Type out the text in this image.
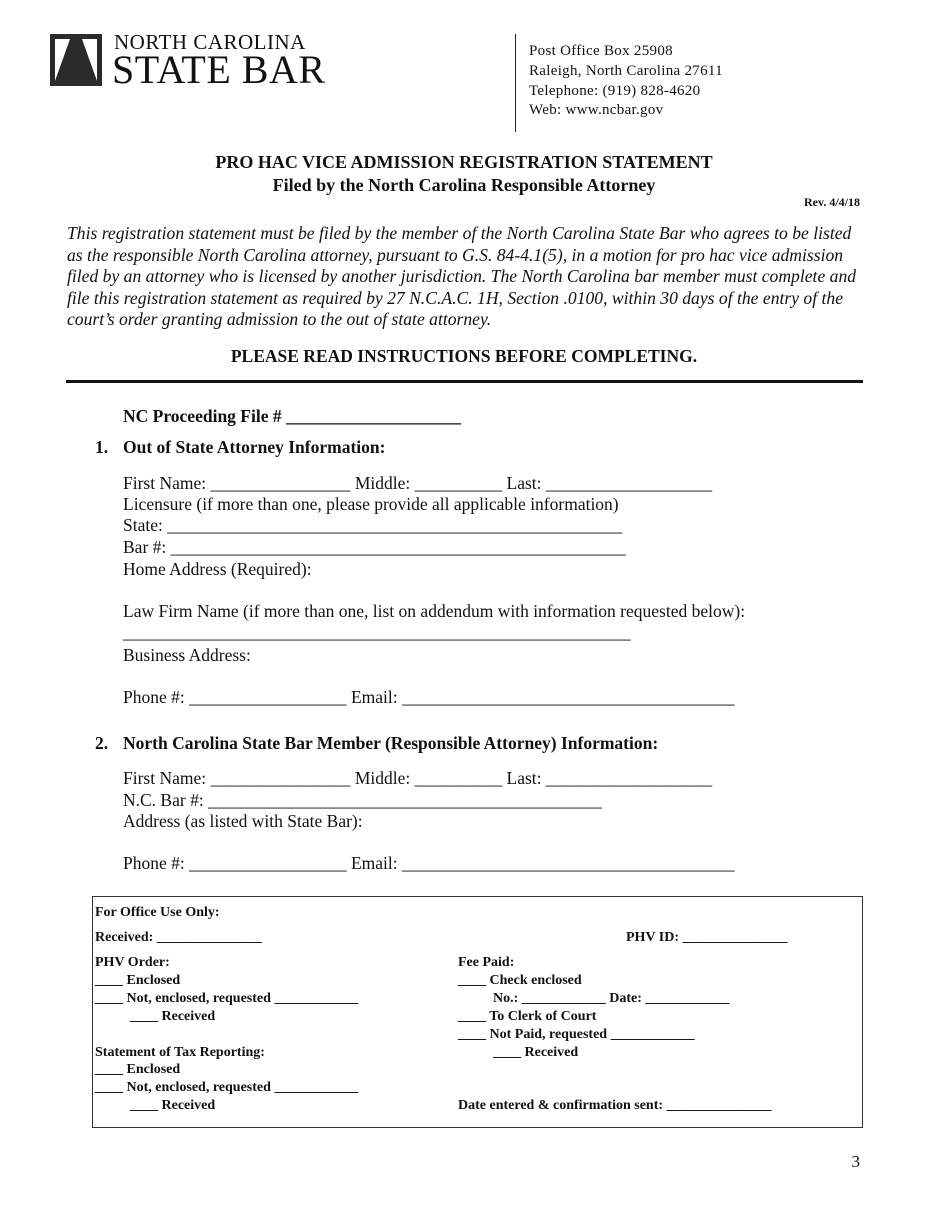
NORTH CAROLINA
STATE BAR	Post Office Box 25908
Raleigh, North Carolina 27611
Telephone: (919) 828-4620
Web: www.ncbar.gov
PRO HAC VICE ADMISSION REGISTRATION STATEMENT
Filed by the North Carolina Responsible Attorney
Rev. 4/4/18
This registration statement must be filed by the member of the North Carolina State Bar who agrees to be listed as the responsible North Carolina attorney, pursuant to G.S. 84-4.1(5), in a motion for pro hac vice admission filed by an attorney who is licensed by another jurisdiction. The North Carolina bar member must complete and file this registration statement as required by 27 N.C.A.C. 1H, Section .0100, within 30 days of the entry of the court’s order granting admission to the out of state attorney.
PLEASE READ INSTRUCTIONS BEFORE COMPLETING.
NC Proceeding File # ____________________
1. Out of State Attorney Information:
First Name: ________________ Middle: __________ Last: ___________________
Licensure (if more than one, please provide all applicable information)
State: ____________________________________________________
Bar #: ____________________________________________________
Home Address (Required):
Law Firm Name (if more than one, list on addendum with information requested below):
__________________________________________________________
Business Address:
Phone #: __________________ Email: ______________________________________
2. North Carolina State Bar Member (Responsible Attorney) Information:
First Name: ________________ Middle: __________ Last: ___________________
N.C. Bar #: _____________________________________________
Address (as listed with State Bar):
Phone #: __________________ Email: ______________________________________
For Office Use Only:
Received: _______________	PHV ID: _______________
PHV Order:
____ Enclosed
____ Not, enclosed, requested ____________
____ Received
Statement of Tax Reporting:
____ Enclosed
____ Not, enclosed, requested ____________
____ Received
Fee Paid:
____ Check enclosed
No.: ____________ Date: ____________
____ To Clerk of Court
____ Not Paid, requested ____________
____ Received
Date entered & confirmation sent: _______________
3
